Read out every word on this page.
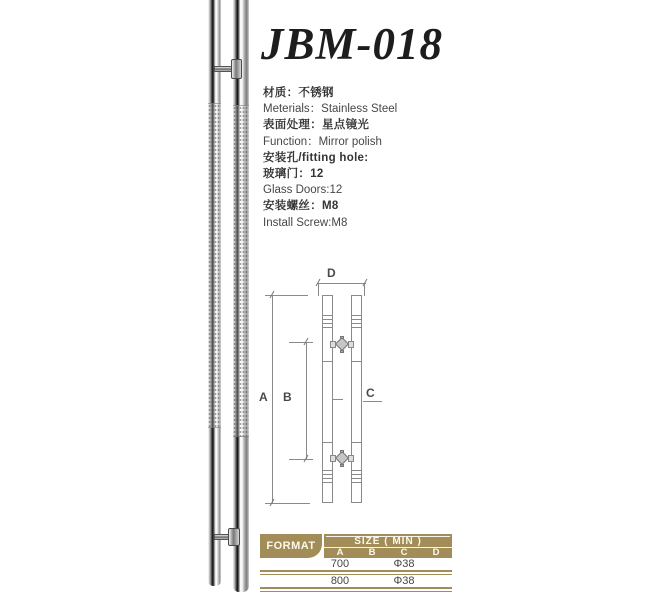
JBM-018
材质：不锈钢
Meterials：Stainless Steel
表面处理：星点镜光
Function：Mirror polish
安装孔/fitting hole:
玻璃门：12
Glass Doors:12
安装螺丝：M8
Install Screw:M8
D
A B	C
FORMAT	SIZE ( MIN )
A	B	C	D
700	Φ38
800	Φ38
